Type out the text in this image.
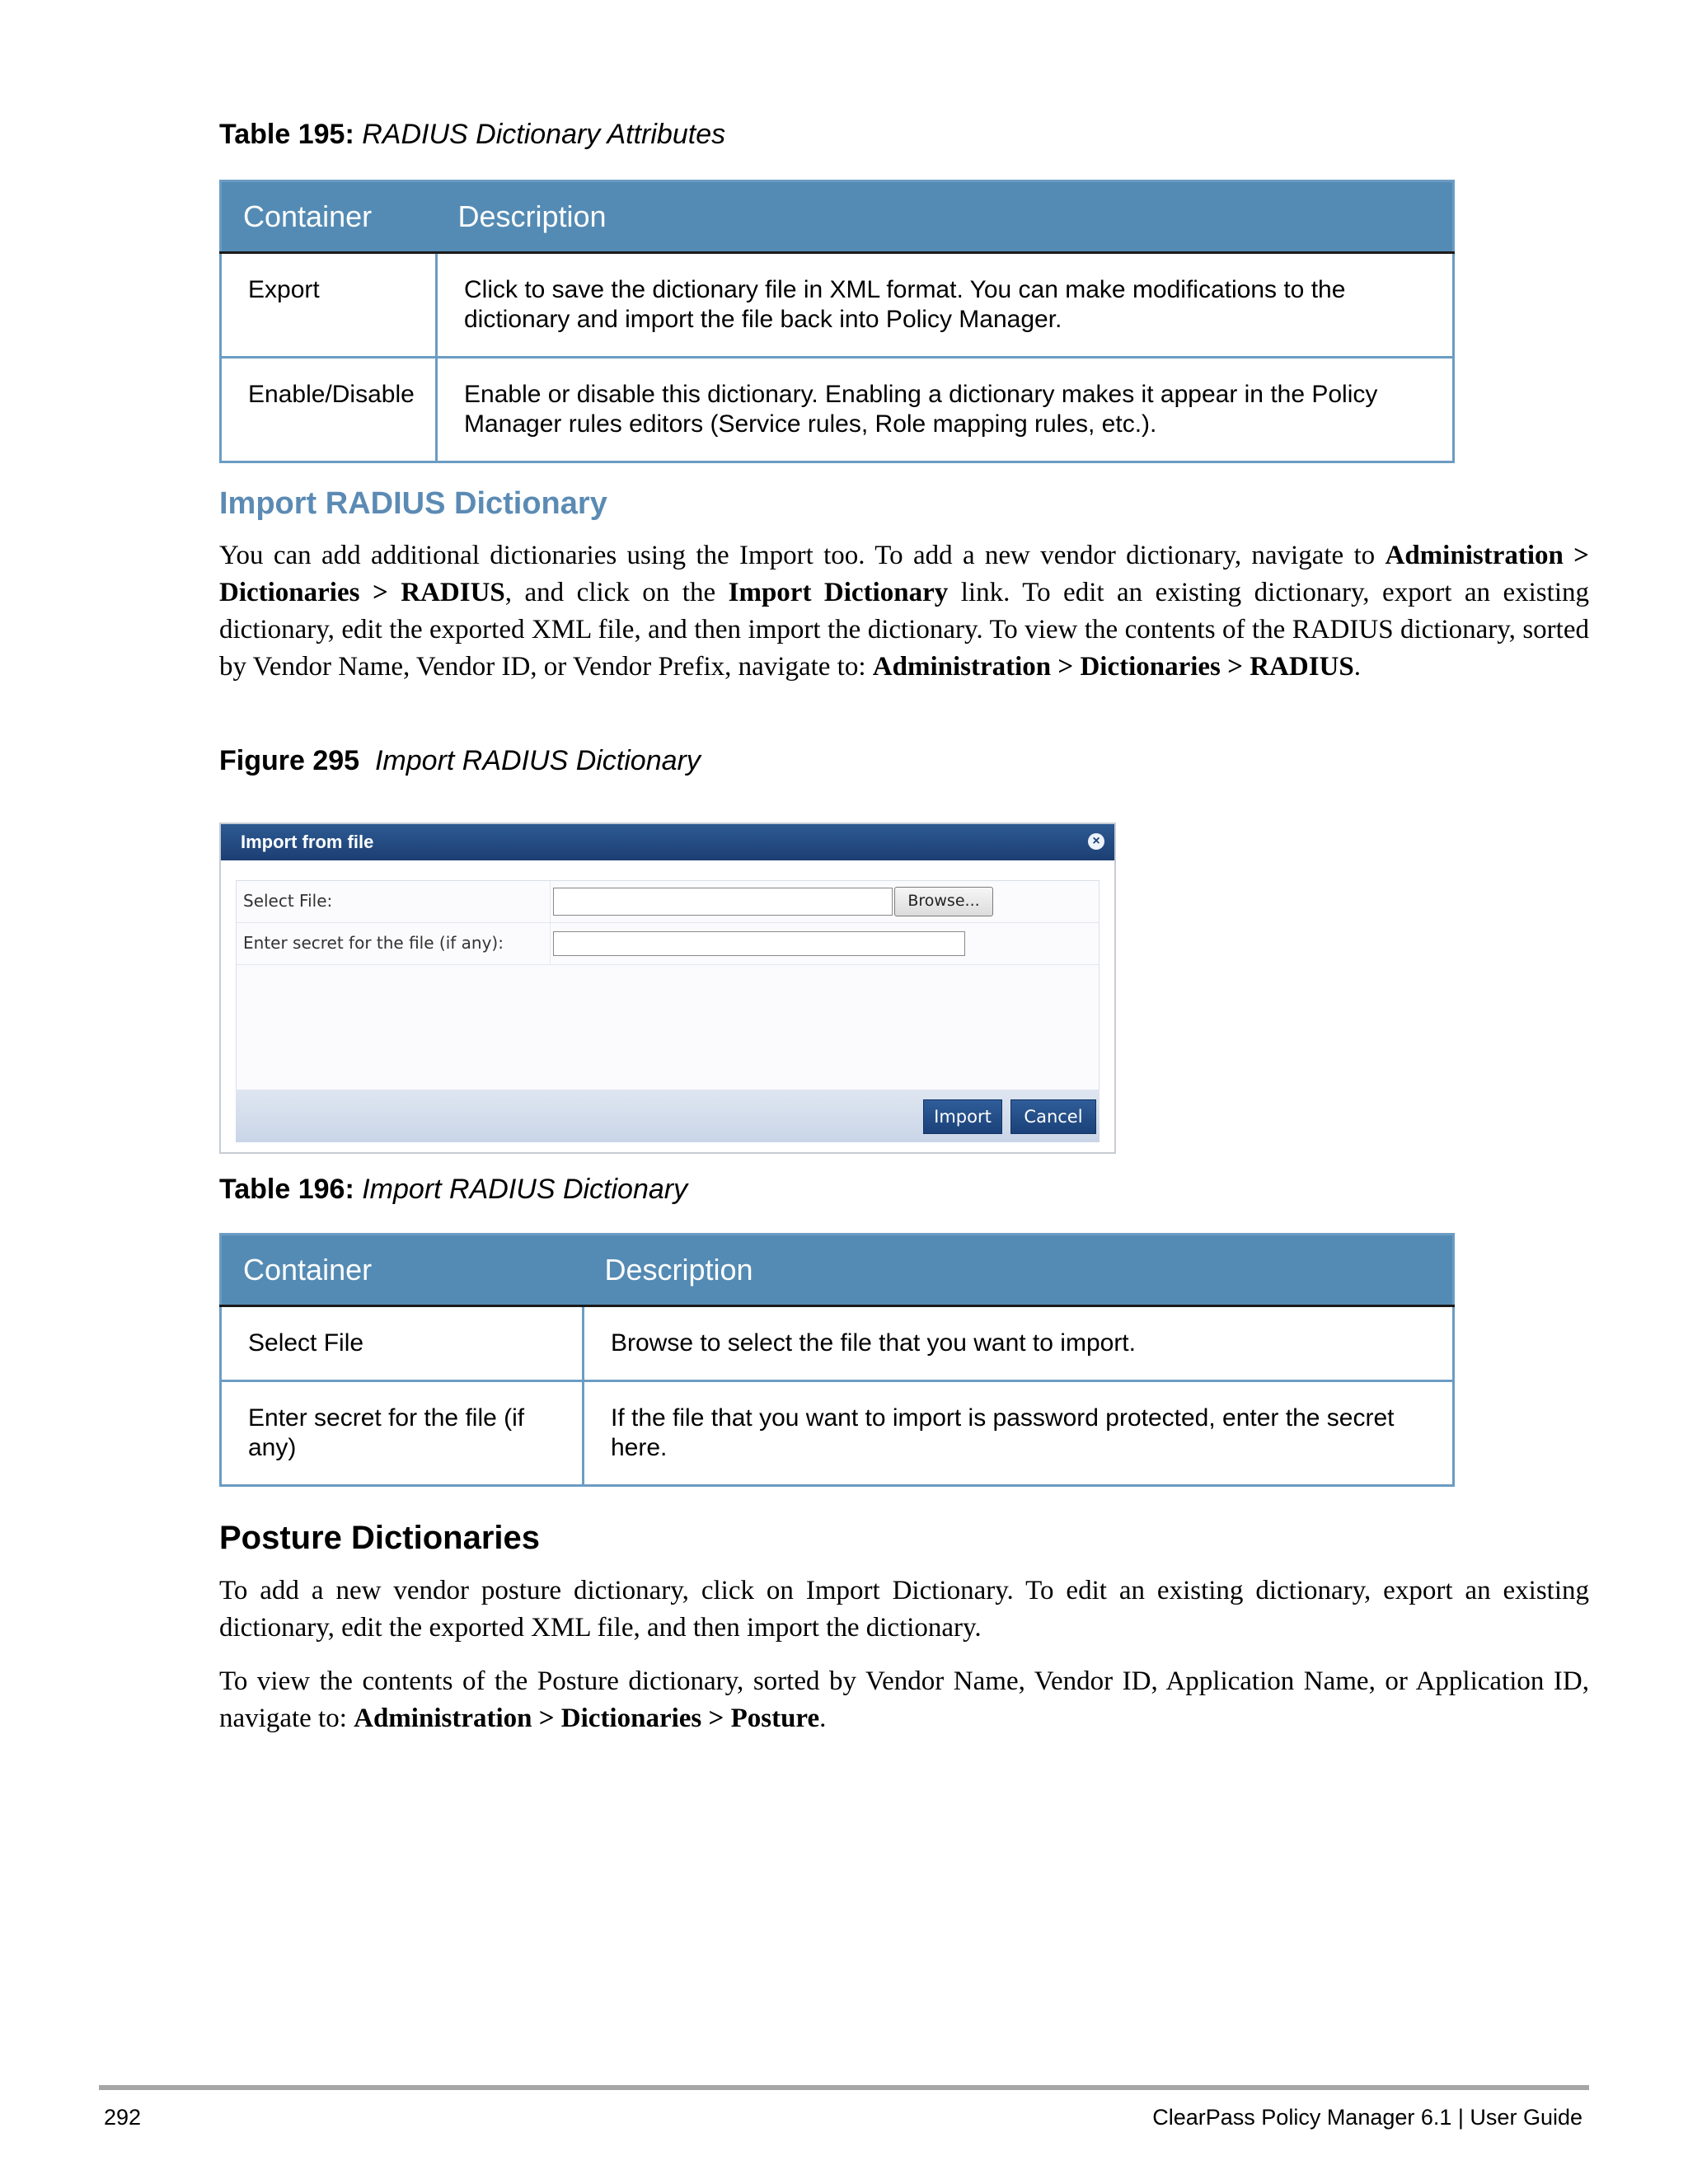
Table 195: RADIUS Dictionary Attributes
Container	Description
Export	Click to save the dictionary file in XML format. You can make modifications to the dictionary and import the file back into Policy Manager.
Enable/Disable	Enable or disable this dictionary. Enabling a dictionary makes it appear in the Policy Manager rules editors (Service rules, Role mapping rules, etc.).
Import RADIUS Dictionary
You can add additional dictionaries using the Import too. To add a new vendor dictionary, navigate to Administration > Dictionaries > RADIUS, and click on the Import Dictionary link. To edit an existing dictionary, export an existing dictionary, edit the exported XML file, and then import the dictionary. To view the contents of the RADIUS dictionary, sorted by Vendor Name, Vendor ID, or Vendor Prefix, navigate to: Administration > Dictionaries > RADIUS.
Figure 295 Import RADIUS Dictionary
Import from file	×
Select File:	Browse...
Enter secret for the file (if any):
Import	Cancel
Table 196: Import RADIUS Dictionary
Container	Description
Select File	Browse to select the file that you want to import.
Enter secret for the file (if any)	If the file that you want to import is password protected, enter the secret here.
Posture Dictionaries
To add a new vendor posture dictionary, click on Import Dictionary. To edit an existing dictionary, export an existing dictionary, edit the exported XML file, and then import the dictionary.
To view the contents of the Posture dictionary, sorted by Vendor Name, Vendor ID, Application Name, or Application ID, navigate to: Administration > Dictionaries > Posture.
292	ClearPass Policy Manager 6.1 | User Guide
